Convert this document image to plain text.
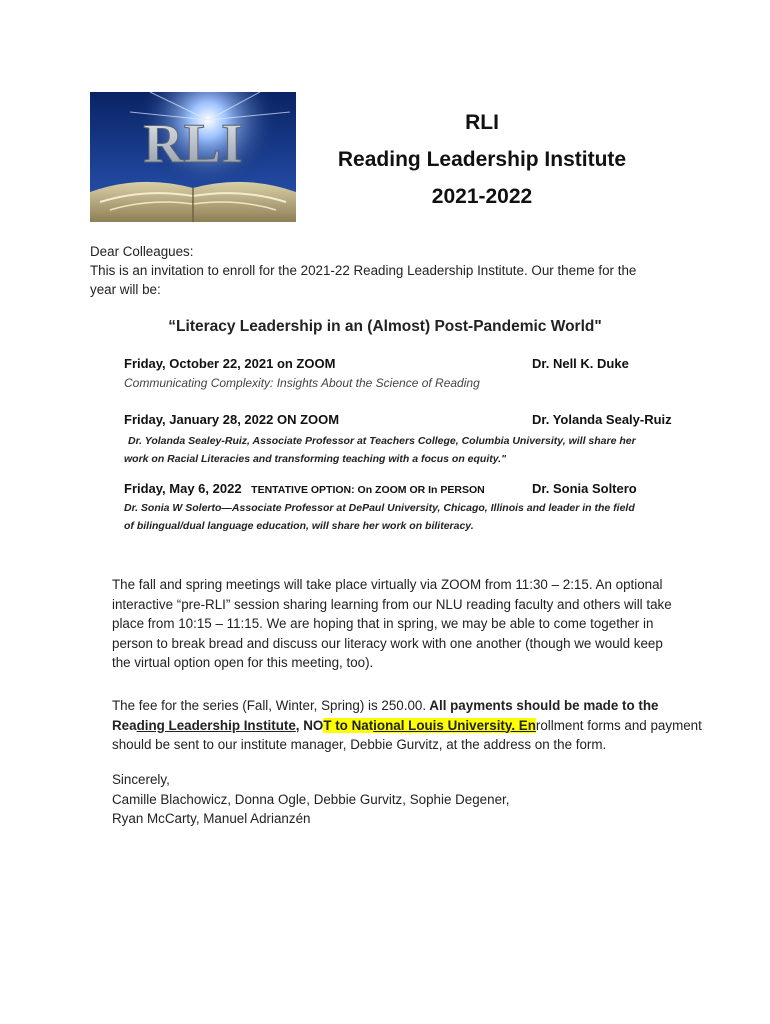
RLI	RLI
Reading Leadership Institute
2021-2022
Dear Colleagues:
This is an invitation to enroll for the 2021-22 Reading Leadership Institute. Our theme for the
year will be:
“Literacy Leadership in an (Almost) Post-Pandemic World"
Friday, October 22, 2021 on ZOOM	Dr. Nell K. Duke
Communicating Complexity: Insights About the Science of Reading
Friday, January 28, 2022 ON ZOOM	Dr. Yolanda Sealy-Ruiz
Dr. Yolanda Sealey-Ruiz, Associate Professor at Teachers College, Columbia University, will share her
work on Racial Literacies and transforming teaching with a focus on equity."
Friday, May 6, 2022 TENTATIVE OPTION: On ZOOM OR In PERSON	Dr. Sonia Soltero
Dr. Sonia W Solerto—Associate Professor at DePaul University, Chicago, Illinois and leader in the field
of bilingual/dual language education, will share her work on biliteracy.
The fall and spring meetings will take place virtually via ZOOM from 11:30 – 2:15. An optional
interactive “pre-RLI” session sharing learning from our NLU reading faculty and others will take
place from 10:15 – 11:15. We are hoping that in spring, we may be able to come together in
person to break bread and discuss our literacy work with one another (though we would keep
the virtual option open for this meeting, too).
The fee for the series (Fall, Winter, Spring) is 250.00. All payments should be made to the
Reading Leadership Institute, NOT to National Louis University. Enrollment forms and payment
should be sent to our institute manager, Debbie Gurvitz, at the address on the form.
Sincerely,
Camille Blachowicz, Donna Ogle, Debbie Gurvitz, Sophie Degener,
Ryan McCarty, Manuel Adrianzén
